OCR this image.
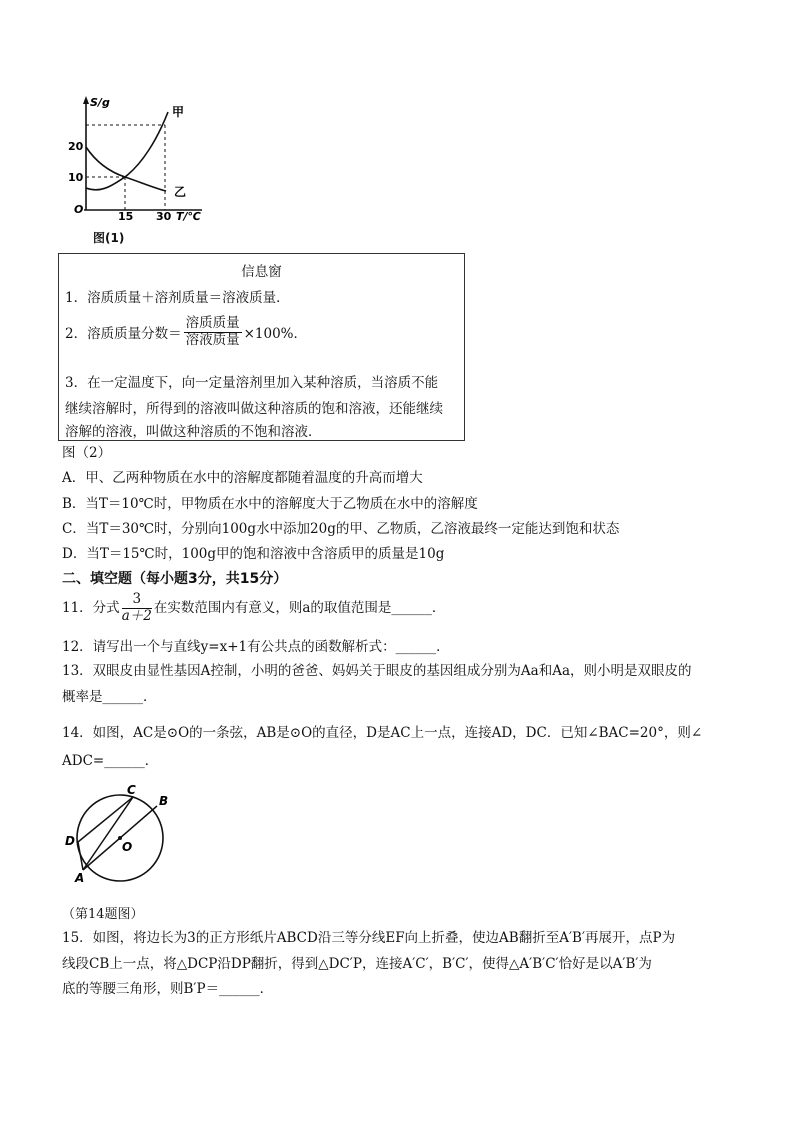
S/g
20
10
O
15 30 T/℃
甲
乙
图(1)
信息窗
1．溶质质量＋溶剂质量＝溶液质量．
2．溶质质量分数＝ $\frac{\text{溶质质量}}{\text{溶液质量}} \times 100\%$．
3．在一定温度下，向一定量溶剂里加入某种溶质，当溶质不能
继续溶解时，所得到的溶液叫做这种溶质的饱和溶液，还能继续
溶解的溶液，叫做这种溶质的不饱和溶液．
图（2）
A．甲、乙两种物质在水中的溶解度都随着温度的升高而增大
B．当T＝10℃时，甲物质在水中的溶解度大于乙物质在水中的溶解度
C．当T＝30℃时，分别向100g水中添加20g的甲、乙物质，乙溶液最终一定能达到饱和状态
D．当T＝15℃时，100g甲的饱和溶液中含溶质甲的质量是10g
二、填空题（每小题3分，共15分）
11．分式 $\frac{3}{a+2}$ 在实数范围内有意义，则a的取值范围是______．
12．请写出一个与直线y=x+1有公共点的函数解析式：______．
13．双眼皮由显性基因A控制，小明的爸爸、妈妈关于眼皮的基因组成分别为Aa和Aa，则小明是双眼皮的
概率是______．
14．如图，AC是⊙O的一条弦，AB是⊙O的直径，D是AC上一点，连接AD，DC．已知∠BAC=20°，则∠
ADC=______．
A
B
C
D	O
（第14题图）
15．如图，将边长为3的正方形纸片ABCD沿三等分线EF向上折叠，使边AB翻折至A′B′再展开，点P为
线段CB上一点，将△DCP沿DP翻折，得到△DC′P，连接A′C′，B′C′，使得△A′B′C′恰好是以A′B′为
底的等腰三角形，则B′P＝______．
